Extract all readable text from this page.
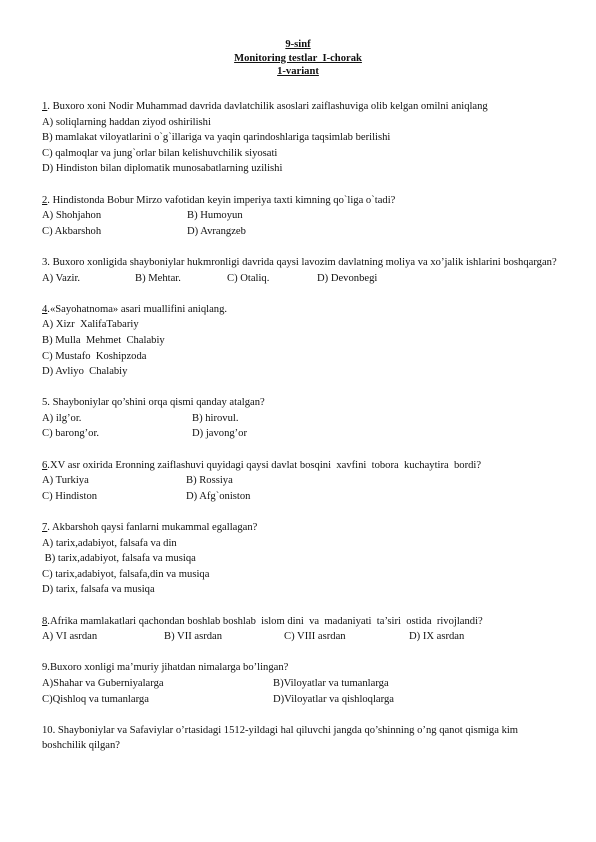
9-sinf
Monitoring testlar  I-chorak
1-variant
1. Buxoro xoni Nodir Muhammad davrida davlatchilik asoslari zaiflashuviga olib kelgan omilni aniqlang
A) soliqlarning haddan ziyod oshirilishi
B) mamlakat viloyatlarini o`g`illariga va yaqin qarindoshlariga taqsimlab berilishi
C) qalmoqlar va jung`orlar bilan kelishuvchilik siyosati
D) Hindiston bilan diplomatik munosabatlarning uzilishi
2. Hindistonda Bobur Mirzo vafotidan keyin imperiya taxti kimning qo`liga o`tadi?
A) Shohjahon	B) Humoyun
C) Akbarshoh	D) Avrangzeb
3. Buxoro xonligida shayboniylar hukmronligi davrida qaysi lavozim davlatning moliya va xo’jalik ishlarini boshqargan?
A) Vazir.	B) Mehtar.	C) Otaliq.	D) Devonbegi
4.«Sayohatnoma» asari muallifini aniqlang.
A) Xizr  XalifaTabariy
B) Mulla  Mehmet  Chalabiy
C) Mustafo  Koshipzoda
D) Avliyo  Chalabiy
5. Shayboniylar qo’shini orqa qismi qanday atalgan?
A) ilg’or.	B) hirovul.
C) barong’or.	D) javong’or
6.XV asr oxirida Eronning zaiflashuvi quyidagi qaysi davlat bosqini  xavfini  tobora  kuchaytira  bordi?
A) Turkiya	B) Rossiya
C) Hindiston	D) Afg`oniston
7. Akbarshoh qaysi fanlarni mukammal egallagan?
A) tarix,adabiyot, falsafa va din
B) tarix,adabiyot, falsafa va musiqa
C) tarix,adabiyot, falsafa,din va musiqa
D) tarix, falsafa va musiqa
8.Afrika mamlakatlari qachondan boshlab boshlab  islom dini  va  madaniyati  ta’siri  ostida  rivojlandi?
A) VI asrdan	B) VII asrdan	C) VIII asrdan	D) IX asrdan
9.Buxoro xonligi ma’muriy jihatdan nimalarga bo’lingan?
A)Shahar va Guberniyalarga	B)Viloyatlar va tumanlarga
C)Qishloq va tumanlarga	D)Viloyatlar va qishloqlarga
10. Shayboniylar va Safaviylar o’rtasidagi 1512-yildagi hal qiluvchi jangda qo’shinning o’ng qanot qismiga kim boshchilik qilgan?
